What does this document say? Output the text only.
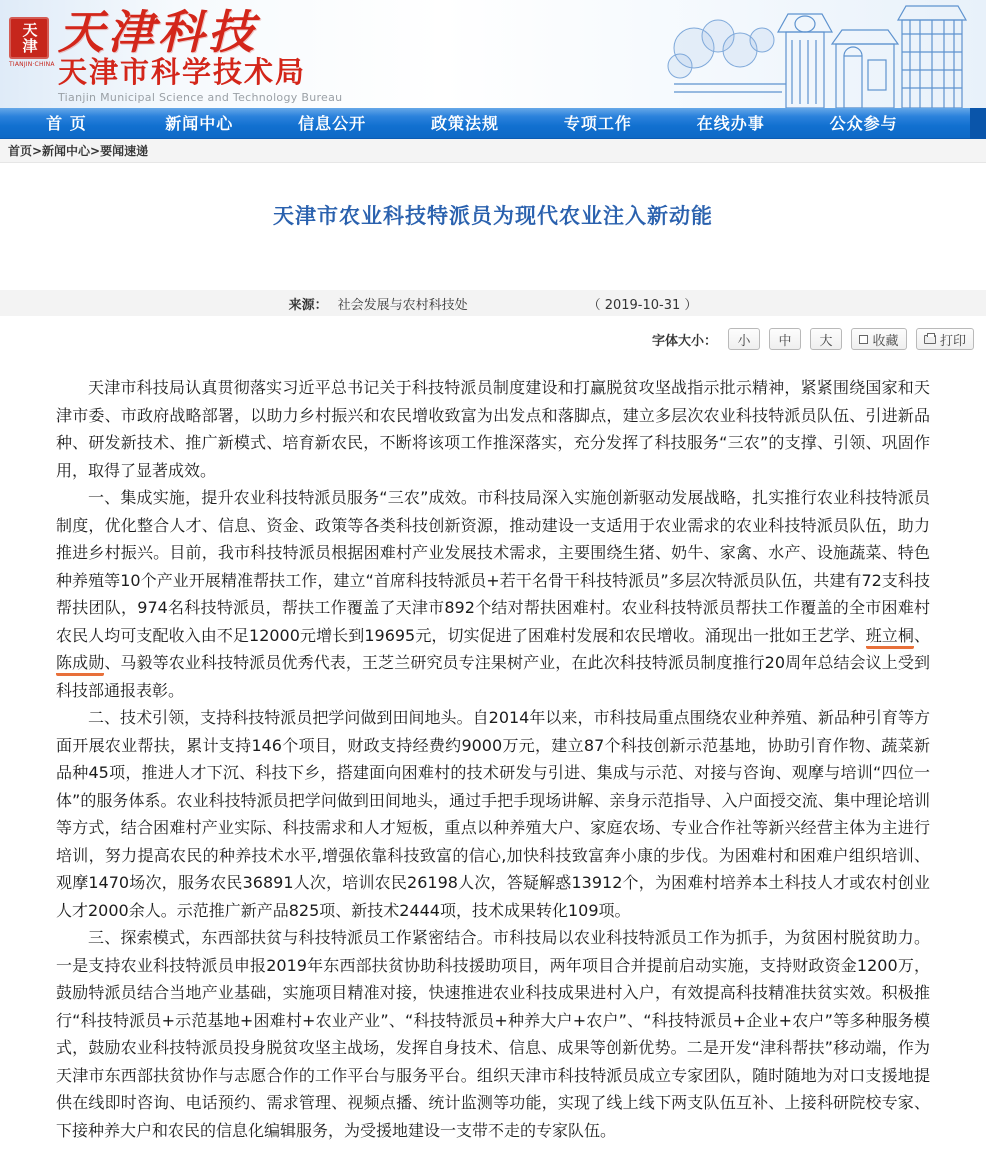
天津
TIANJIN·CHINA
天津科技
天津市科学技术局
Tianjin Municipal Science and Technology Bureau
首 页	新闻中心	信息公开	政策法规	专项工作	在线办事	公众参与
首页>新闻中心>要闻速递
天津市农业科技特派员为现代农业注入新动能
来源： 社会发展与农村科技处	（ 2019-10-31 ）
字体大小：	小	中	大	收藏	打印

天津市科技局认真贯彻落实习近平总书记关于科技特派员制度建设和打赢脱贫攻坚战指示批示精神，紧紧围绕国家和天津市委、市政府战略部署，以助力乡村振兴和农民增收致富为出发点和落脚点，建立多层次农业科技特派员队伍、引进新品种、研发新技术、推广新模式、培育新农民，不断将该项工作推深落实，充分发挥了科技服务“三农”的支撑、引领、巩固作用，取得了显著成效。

一、集成实施，提升农业科技特派员服务“三农”成效。市科技局深入实施创新驱动发展战略，扎实推行农业科技特派员制度，优化整合人才、信息、资金、政策等各类科技创新资源，推动建设一支适用于农业需求的农业科技特派员队伍，助力推进乡村振兴。目前，我市科技特派员根据困难村产业发展技术需求，主要围绕生猪、奶牛、家禽、水产、设施蔬菜、特色种养殖等10个产业开展精准帮扶工作，建立“首席科技特派员+若干名骨干科技特派员”多层次特派员队伍，共建有72支科技帮扶团队，974名科技特派员，帮扶工作覆盖了天津市892个结对帮扶困难村。农业科技特派员帮扶工作覆盖的全市困难村农民人均可支配收入由不足12000元增长到19695元，切实促进了困难村发展和农民增收。涌现出一批如王艺学、班立桐、陈成勋、马毅等农业科技特派员优秀代表，王芝兰研究员专注果树产业，在此次科技特派员制度推行20周年总结会议上受到科技部通报表彰。

二、技术引领，支持科技特派员把学问做到田间地头。自2014年以来，市科技局重点围绕农业种养殖、新品种引育等方面开展农业帮扶，累计支持146个项目，财政支持经费约9000万元，建立87个科技创新示范基地，协助引育作物、蔬菜新品种45项，推进人才下沉、科技下乡，搭建面向困难村的技术研发与引进、集成与示范、对接与咨询、观摩与培训“四位一体”的服务体系。农业科技特派员把学问做到田间地头，通过手把手现场讲解、亲身示范指导、入户面授交流、集中理论培训等方式，结合困难村产业实际、科技需求和人才短板，重点以种养殖大户、家庭农场、专业合作社等新兴经营主体为主进行培训，努力提高农民的种养技术水平,增强依靠科技致富的信心,加快科技致富奔小康的步伐。为困难村和困难户组织培训、观摩1470场次，服务农民36891人次，培训农民26198人次，答疑解惑13912个，为困难村培养本土科技人才或农村创业人才2000余人。示范推广新产品825项、新技术2444项，技术成果转化109项。

三、探索模式，东西部扶贫与科技特派员工作紧密结合。市科技局以农业科技特派员工作为抓手，为贫困村脱贫助力。一是支持农业科技特派员申报2019年东西部扶贫协助科技援助项目，两年项目合并提前启动实施，支持财政资金1200万，鼓励特派员结合当地产业基础，实施项目精准对接，快速推进农业科技成果进村入户，有效提高科技精准扶贫实效。积极推行“科技特派员+示范基地+困难村+农业产业”、“科技特派员+种养大户+农户”、“科技特派员+企业+农户”等多种服务模式，鼓励农业科技特派员投身脱贫攻坚主战场，发挥自身技术、信息、成果等创新优势。二是开发“津科帮扶”移动端，作为天津市东西部扶贫协作与志愿合作的工作平台与服务平台。组织天津市科技特派员成立专家团队，随时随地为对口支援地提供在线即时咨询、电话预约、需求管理、视频点播、统计监测等功能，实现了线上线下两支队伍互补、上接科研院校专家、下接种养大户和农民的信息化编辑服务，为受援地建设一支带不走的专家队伍。
